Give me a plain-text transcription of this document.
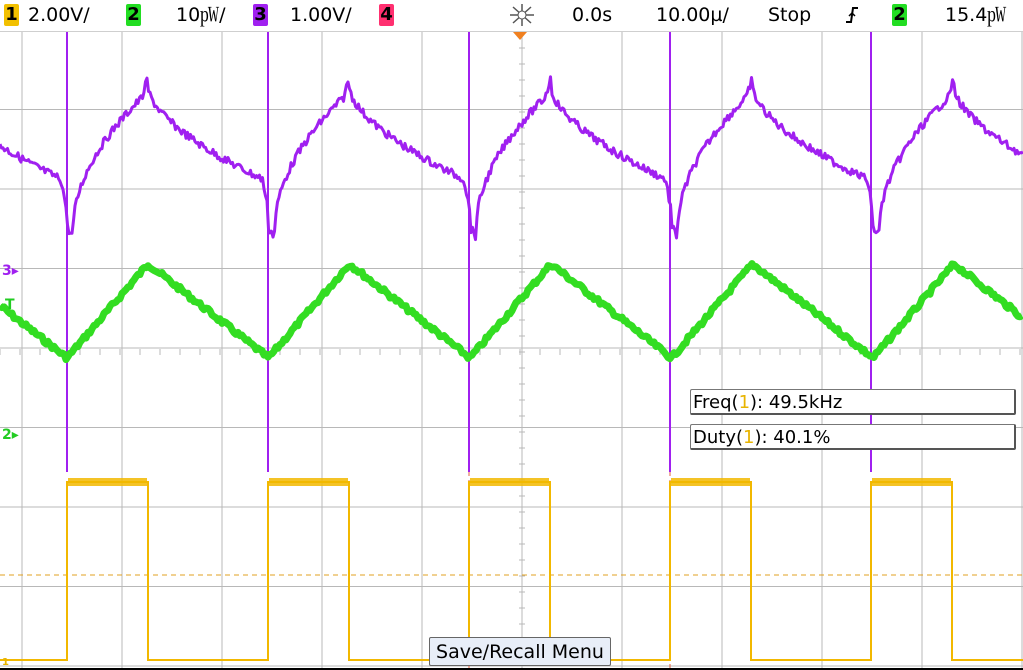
1 2.00V/ 2 10㎺/ 3 1.00V/ 4	0.0s 10.00µ/ Stop	2 15.4㎺
3▸
T
2▸
1
Freq(1): 49.5kHz
Duty(1): 40.1%
Save/Recall Menu
